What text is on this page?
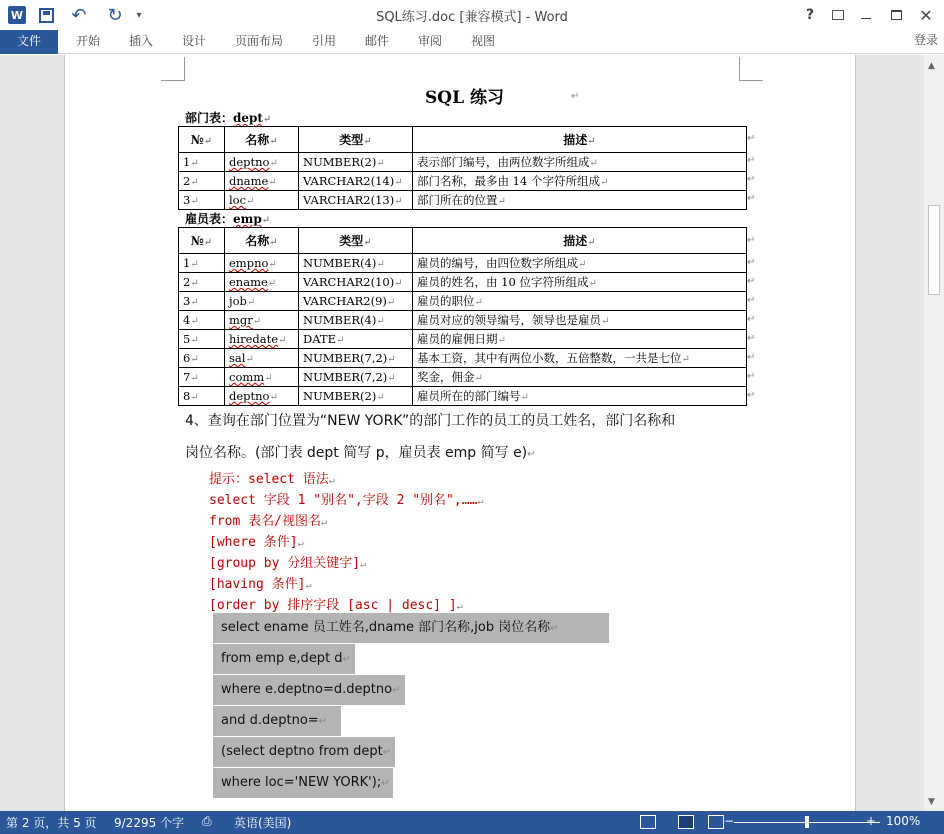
W	↶	↻	▾	SQL练习.doc [兼容模式] - Word	?	✕
文件	开始	插入	设计	页面布局	引用	邮件	审阅	视图	登录
SQL 练习	↵
部门表：dept↵
№↵	名称↵	类型↵	描述↵
1↵	deptno↵	NUMBER(2)↵	表示部门编号，由两位数字所组成↵
2↵	dname↵	VARCHAR2(14)↵	部门名称，最多由 14 个字符所组成↵
3↵	loc↵	VARCHAR2(13)↵	部门所在的位置↵
↵
↵
↵
↵
雇员表：emp↵
№↵	名称↵	类型↵	描述↵
1↵	empno↵	NUMBER(4)↵	雇员的编号，由四位数字所组成↵
2↵	ename↵	VARCHAR2(10)↵	雇员的姓名，由 10 位字符所组成↵
3↵	job↵	VARCHAR2(9)↵	雇员的职位↵
4↵	mgr↵	NUMBER(4)↵	雇员对应的领导编号，领导也是雇员↵
5↵	hiredate↵	DATE↵	雇员的雇佣日期↵
6↵	sal↵	NUMBER(7,2)↵	基本工资，其中有两位小数，五倍整数，一共是七位↵
7↵	comm↵	NUMBER(7,2)↵	奖金，佣金↵
8↵	deptno↵	NUMBER(2)↵	雇员所在的部门编号↵
↵
↵
↵
↵
↵
↵
↵
↵
↵
4、查询在部门位置为“NEW YORK”的部门工作的员工的员工姓名，部门名称和
岗位名称。(部门表 dept 简写 p，雇员表 emp 简写 e)↵
提示：select 语法↵
select 字段 1 "别名",字段 2 "别名",……↵
from 表名/视图名↵
[where 条件]↵
[group by 分组关键字]↵
[having 条件]↵
[order by 排序字段 [asc | desc] ]↵
select ename 员工姓名,dname 部门名称,job 岗位名称↵
from emp e,dept d↵
where e.deptno=d.deptno↵
and d.deptno=↵
(select deptno from dept↵
where loc='NEW YORK');↵
▲
▼
第 2 页，共 5 页 9/2295 个字 ⎙ 英语(美国)	−	+ 100%
